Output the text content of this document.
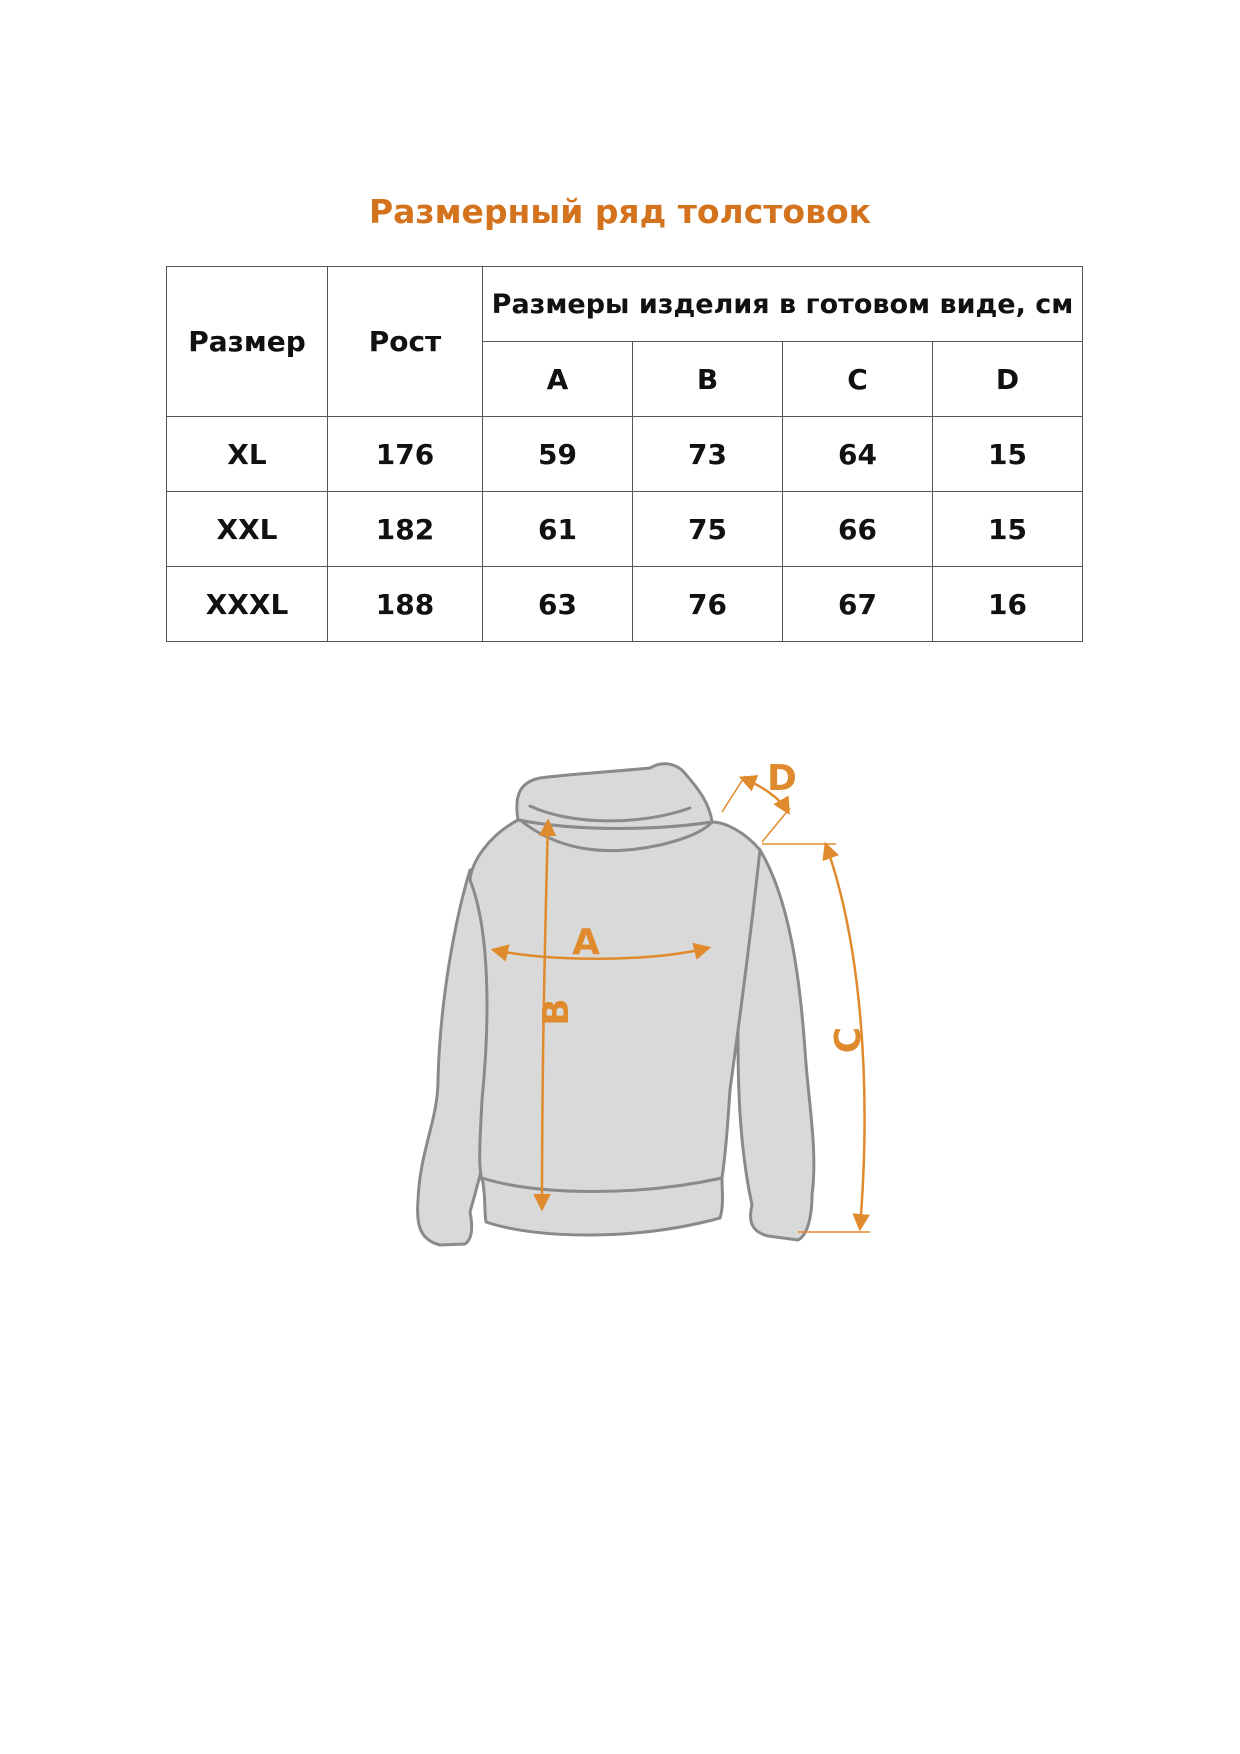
Размерный ряд толстовок
Размер	Рост	Размеры изделия в готовом виде, см			
		A	B	C	D
XL	176	59	73	64	15
XXL	182	61	75	66	15
XXXL	188	63	76	67	16
A
B
C
D
